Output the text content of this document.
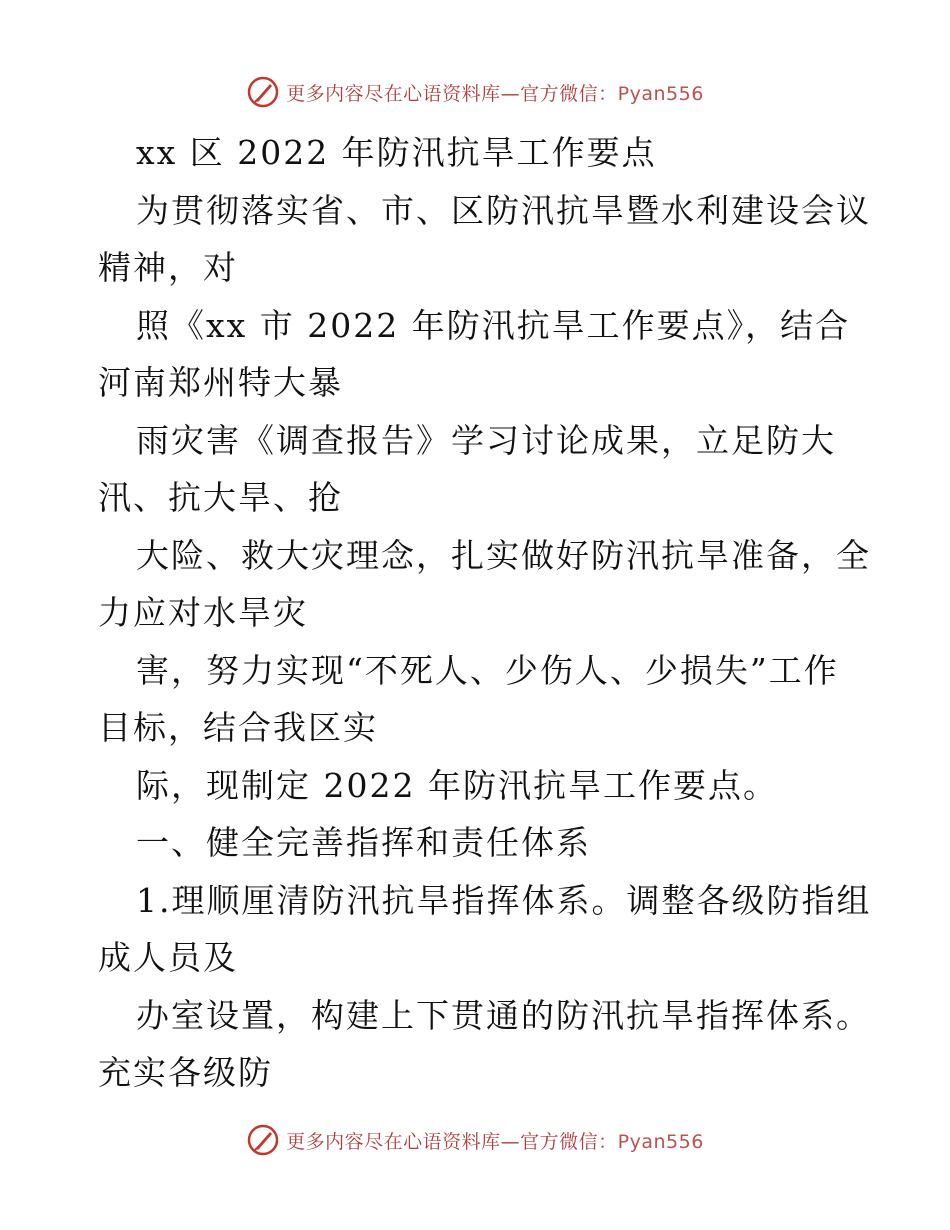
更多内容尽在心语资料库—官方微信：Pyan556
xx 区 2022 年防汛抗旱工作要点
为贯彻落实省、市、区防汛抗旱暨水利建设会议
精神，对
照《xx 市 2022 年防汛抗旱工作要点》，结合
河南郑州特大暴
雨灾害《调查报告》学习讨论成果，立足防大
汛、抗大旱、抢
大险、救大灾理念，扎实做好防汛抗旱准备，全
力应对水旱灾
害，努力实现“不死人、少伤人、少损失”工作
目标，结合我区实
际，现制定 2022 年防汛抗旱工作要点。
一、健全完善指挥和责任体系
1.理顺厘清防汛抗旱指挥体系。调整各级防指组
成人员及
办室设置，构建上下贯通的防汛抗旱指挥体系。
充实各级防
更多内容尽在心语资料库—官方微信：Pyan556
